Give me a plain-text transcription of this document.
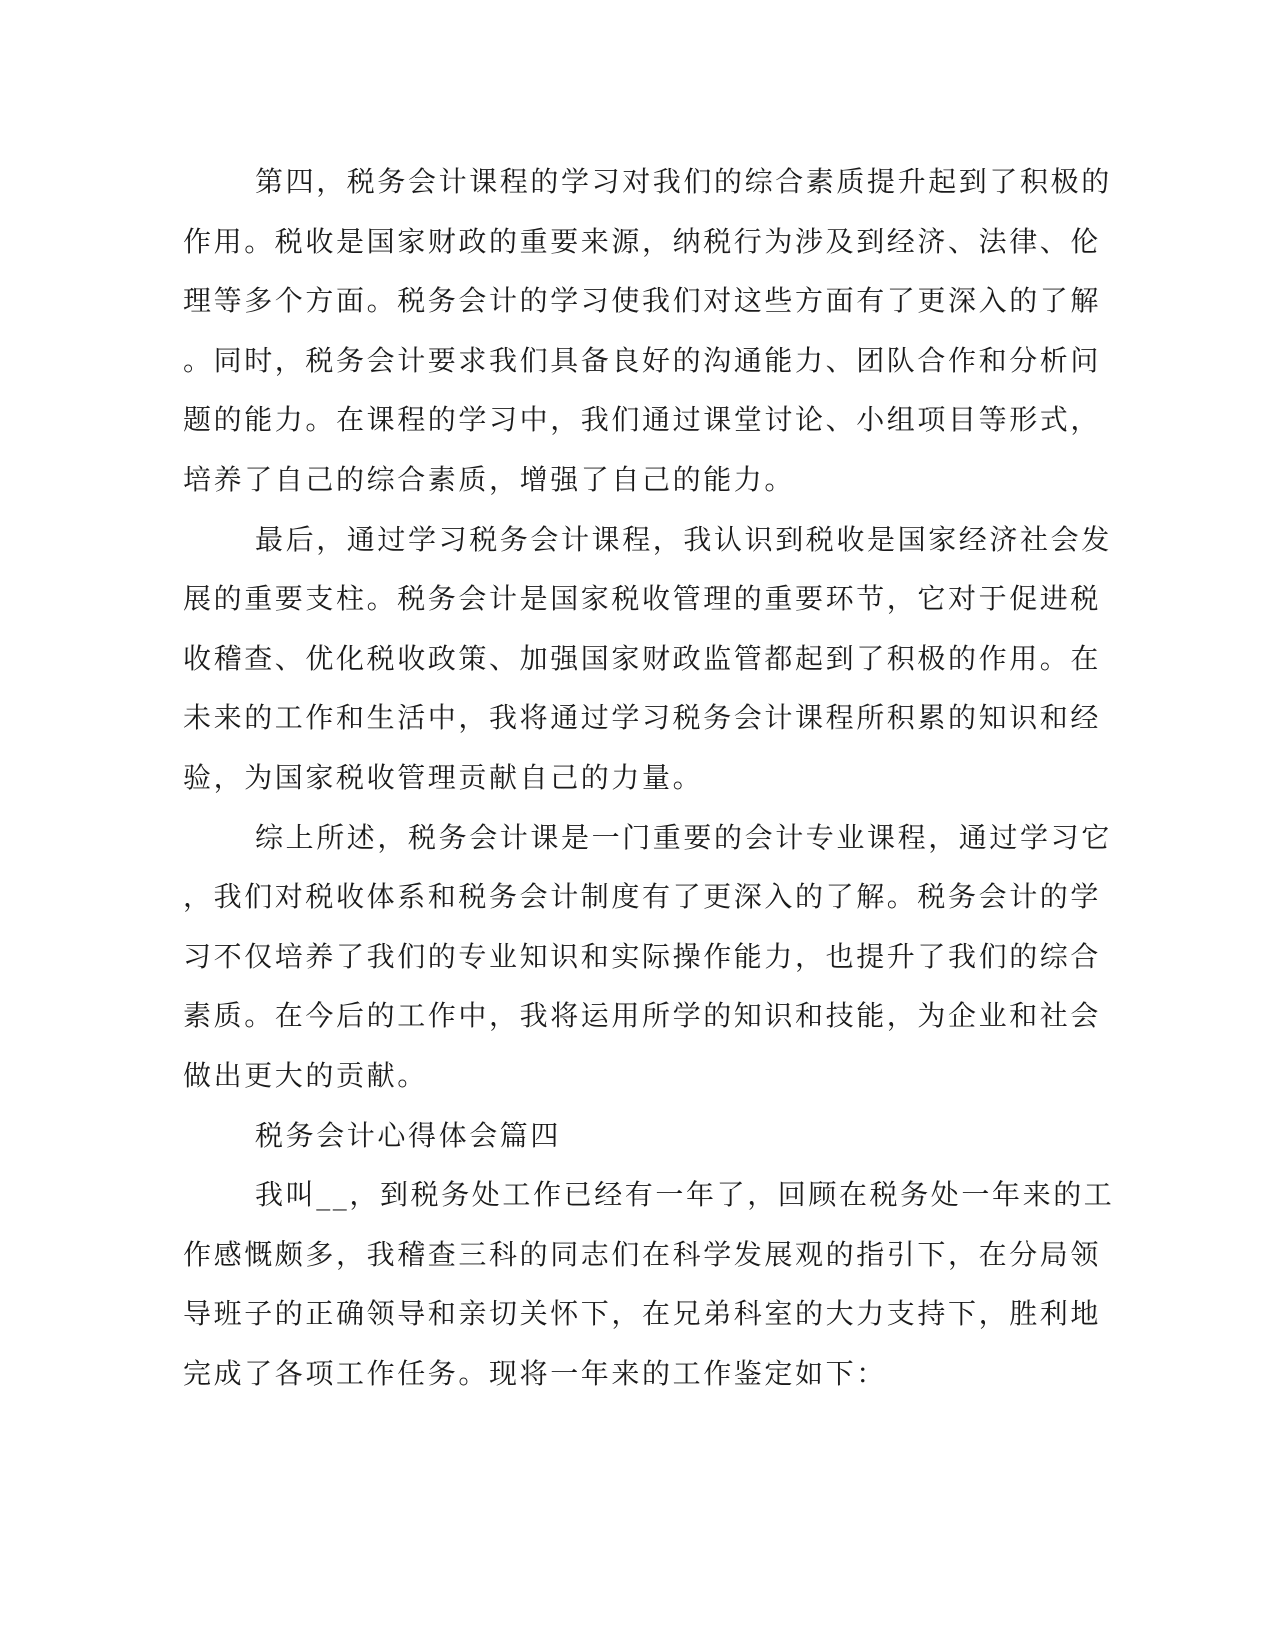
第四，税务会计课程的学习对我们的综合素质提升起到了积极的
作用。税收是国家财政的重要来源，纳税行为涉及到经济、法律、伦
理等多个方面。税务会计的学习使我们对这些方面有了更深入的了解
。同时，税务会计要求我们具备良好的沟通能力、团队合作和分析问
题的能力。在课程的学习中，我们通过课堂讨论、小组项目等形式，
培养了自己的综合素质，增强了自己的能力。
最后，通过学习税务会计课程，我认识到税收是国家经济社会发
展的重要支柱。税务会计是国家税收管理的重要环节，它对于促进税
收稽查、优化税收政策、加强国家财政监管都起到了积极的作用。在
未来的工作和生活中，我将通过学习税务会计课程所积累的知识和经
验，为国家税收管理贡献自己的力量。
综上所述，税务会计课是一门重要的会计专业课程，通过学习它
，我们对税收体系和税务会计制度有了更深入的了解。税务会计的学
习不仅培养了我们的专业知识和实际操作能力，也提升了我们的综合
素质。在今后的工作中，我将运用所学的知识和技能，为企业和社会
做出更大的贡献。
税务会计心得体会篇四
我叫__，到税务处工作已经有一年了，回顾在税务处一年来的工
作感慨颇多，我稽查三科的同志们在科学发展观的指引下，在分局领
导班子的正确领导和亲切关怀下，在兄弟科室的大力支持下，胜利地
完成了各项工作任务。现将一年来的工作鉴定如下：
